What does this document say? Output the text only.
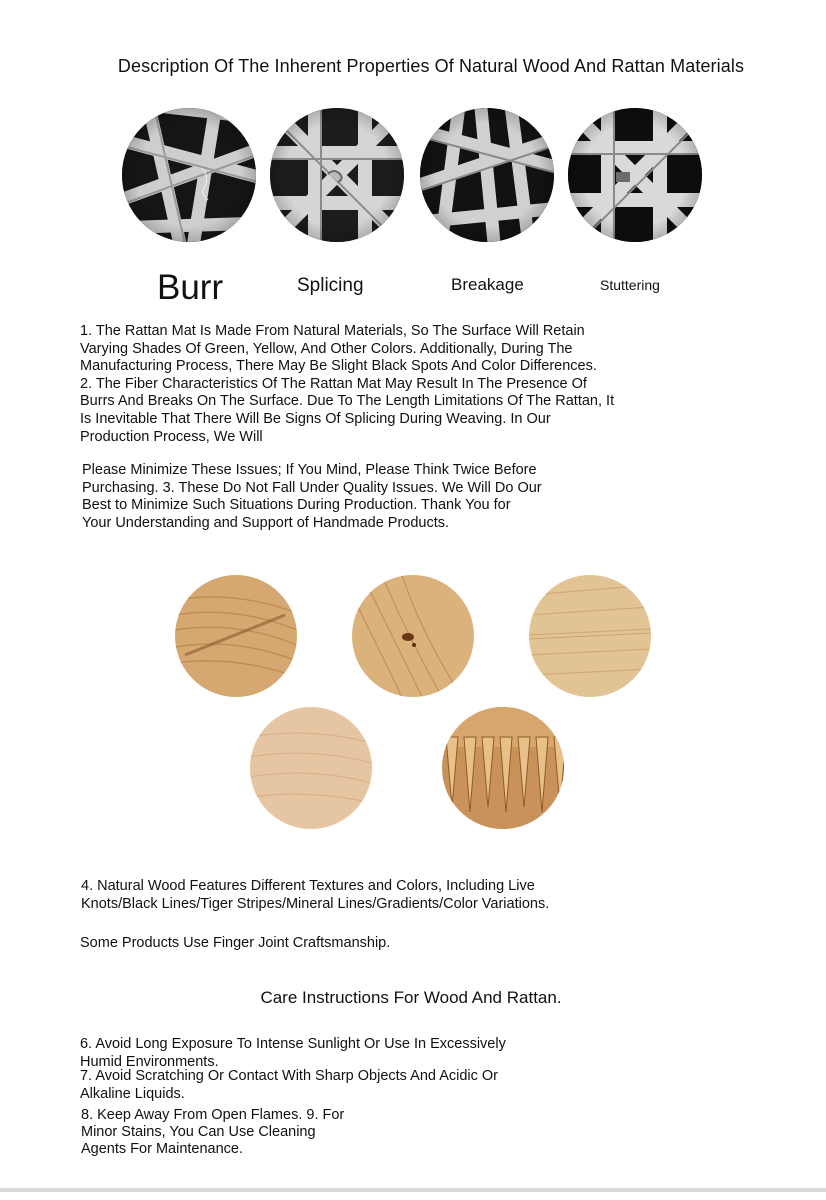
Description Of The Inherent Properties Of Natural Wood And Rattan Materials
Burr	Splicing	Breakage	Stuttering
1. The Rattan Mat Is Made From Natural Materials, So The Surface Will Retain
Varying Shades Of Green, Yellow, And Other Colors. Additionally, During The
Manufacturing Process, There May Be Slight Black Spots And Color Differences.
2. The Fiber Characteristics Of The Rattan Mat May Result In The Presence Of
Burrs And Breaks On The Surface. Due To The Length Limitations Of The Rattan, It
Is Inevitable That There Will Be Signs Of Splicing During Weaving. In Our
Production Process, We Will
Please Minimize These Issues; If You Mind, Please Think Twice Before
Purchasing. 3. These Do Not Fall Under Quality Issues. We Will Do Our
Best to Minimize Such Situations During Production. Thank You for
Your Understanding and Support of Handmade Products.
4. Natural Wood Features Different Textures and Colors, Including Live
Knots/Black Lines/Tiger Stripes/Mineral Lines/Gradients/Color Variations.
Some Products Use Finger Joint Craftsmanship.
Care Instructions For Wood And Rattan.
6. Avoid Long Exposure To Intense Sunlight Or Use In Excessively
Humid Environments.
7. Avoid Scratching Or Contact With Sharp Objects And Acidic Or
Alkaline Liquids.
8. Keep Away From Open Flames. 9. For
Minor Stains, You Can Use Cleaning
Agents For Maintenance.
